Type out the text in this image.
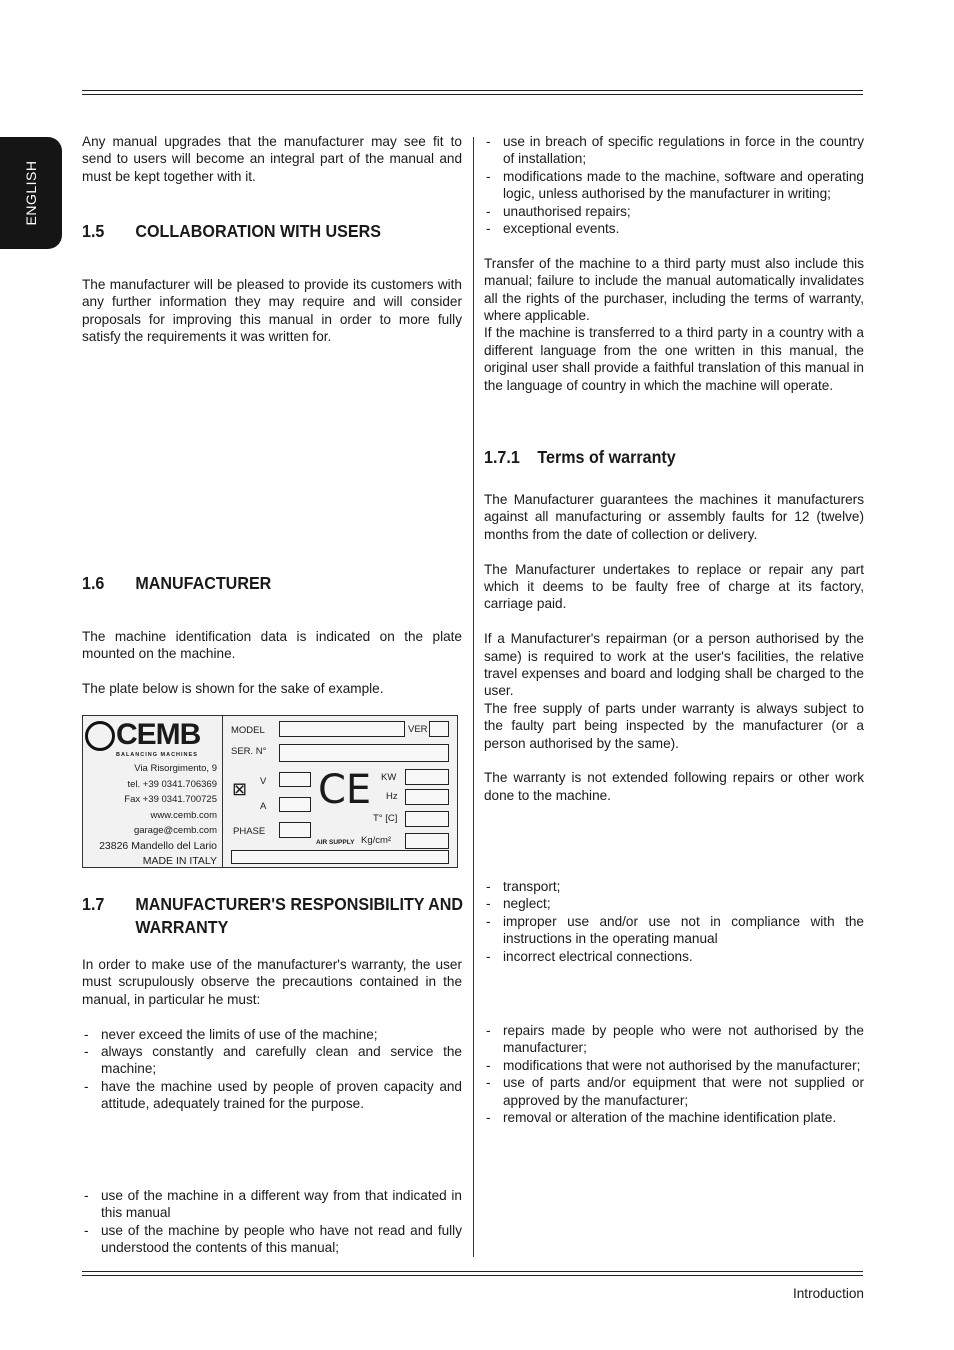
ENGLISH

Any manual upgrades that the manufacturer may see fit to send to users will become an integral part of the manual and must be kept together with it.

1.5 COLLABORATION WITH USERS

The manufacturer will be pleased to provide its customers with any further information they may require and will consider proposals for improving this manual in order to more fully satisfy the requirements it was written for.

1.6 MANUFACTURER

The machine identification data is indicated on the plate mounted on the machine.

The plate below is shown for the sake of example.

CEMB
BALANCING MACHINES
Via Risorgimento, 9
tel. +39 0341.706369
Fax +39 0341.700725
www.cemb.com
garage@cemb.com
23826 Mandello del Lario
MADE IN ITALY
MODEL	VER
SER. N°
⊠ V
A CE KW
Hz
PHASE
T° [C]
AIR SUPPLY Kg/cm²
1.7 MANUFACTURER'S RESPONSIBILITY AND WARRANTY

In order to make use of the manufacturer's warranty, the user must scrupulously observe the precautions contained in the manual, in particular he must:

- never exceed the limits of use of the machine;
- always constantly and carefully clean and service the machine;
- have the machine used by people of proven capacity and attitude, adequately trained for the purpose.
- use of the machine in a different way from that indicated in this manual
- use of the machine by people who have not read and fully understood the contents of this manual;
- use in breach of specific regulations in force in the country of installation;
- modifications made to the machine, software and operating logic, unless authorised by the manufacturer in writing;
- unauthorised repairs;
- exceptional events.

Transfer of the machine to a third party must also include this manual; failure to include the manual automatically invalidates all the rights of the purchaser, including the terms of warranty, where applicable.

If the machine is transferred to a third party in a country with a different language from the one written in this manual, the original user shall provide a faithful translation of this manual in the language of country in which the machine will operate.

1.7.1 Terms of warranty

The Manufacturer guarantees the machines it manufacturers against all manufacturing or assembly faults for 12 (twelve) months from the date of collection or delivery.

The Manufacturer undertakes to replace or repair any part which it deems to be faulty free of charge at its factory, carriage paid.

If a Manufacturer's repairman (or a person authorised by the same) is required to work at the user's facilities, the relative travel expenses and board and lodging shall be charged to the user.

The free supply of parts under warranty is always subject to the faulty part being inspected by the manufacturer (or a person authorised by the same).

The warranty is not extended following repairs or other work done to the machine.

- transport;
- neglect;
- improper use and/or use not in compliance with the instructions in the operating manual
- incorrect electrical connections.
- repairs made by people who were not authorised by the manufacturer;
- modifications that were not authorised by the manufacturer;
- use of parts and/or equipment that were not supplied or approved by the manufacturer;
- removal or alteration of the machine identification plate.
Introduction
